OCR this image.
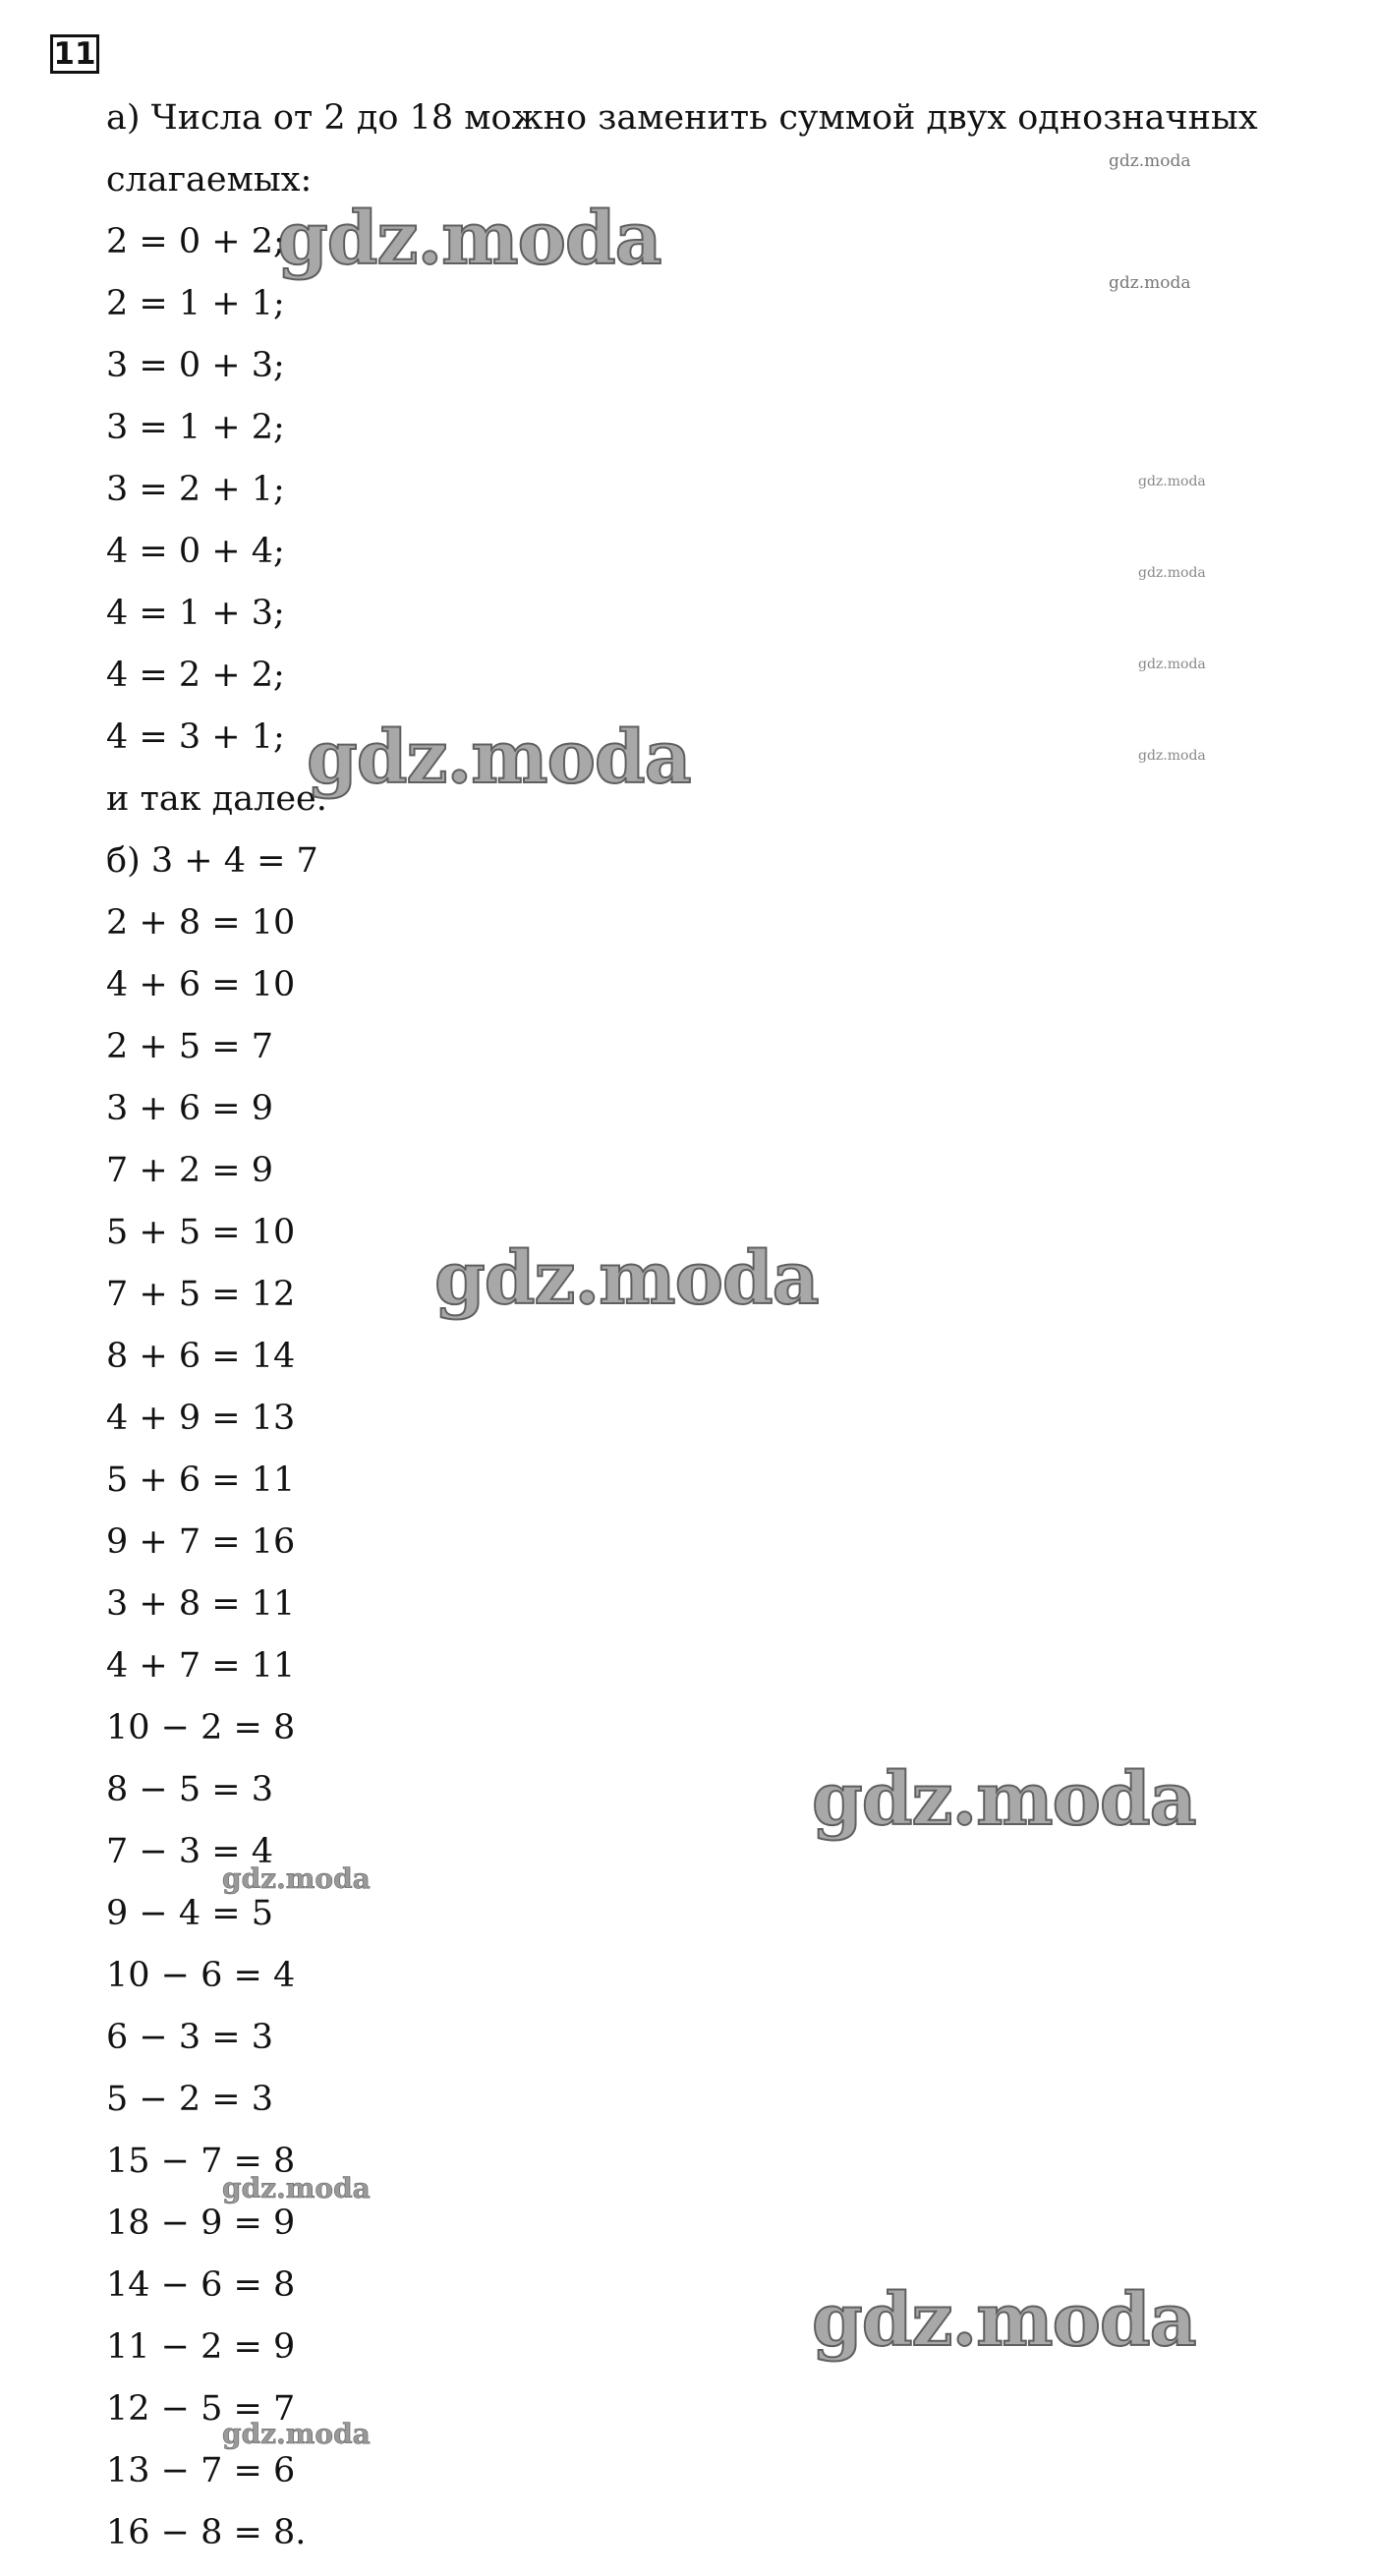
11
а) Числа от 2 до 18 можно заменить суммой двух однозначных
слагаемых:
2 = 0 + 2;
2 = 1 + 1;
3 = 0 + 3;
3 = 1 + 2;
3 = 2 + 1;
4 = 0 + 4;
4 = 1 + 3;
4 = 2 + 2;
4 = 3 + 1;
и так далее.
б) 3 + 4 = 7
2 + 8 = 10
4 + 6 = 10
2 + 5 = 7
3 + 6 = 9
7 + 2 = 9
5 + 5 = 10
7 + 5 = 12
8 + 6 = 14
4 + 9 = 13
5 + 6 = 11
9 + 7 = 16
3 + 8 = 11
4 + 7 = 11
10 − 2 = 8
8 − 5 = 3
7 − 3 = 4
9 − 4 = 5
10 − 6 = 4
6 − 3 = 3
5 − 2 = 3
15 − 7 = 8
18 − 9 = 9
14 − 6 = 8
11 − 2 = 9
12 − 5 = 7
13 − 7 = 6
16 − 8 = 8.
gdz.moda
gdz.moda
gdz.moda
gdz.moda
gdz.moda
gdz.moda
gdz.moda
gdz.moda
gdz.moda
gdz.moda
gdz.moda
gdz.moda
gdz.moda
gdz.moda
